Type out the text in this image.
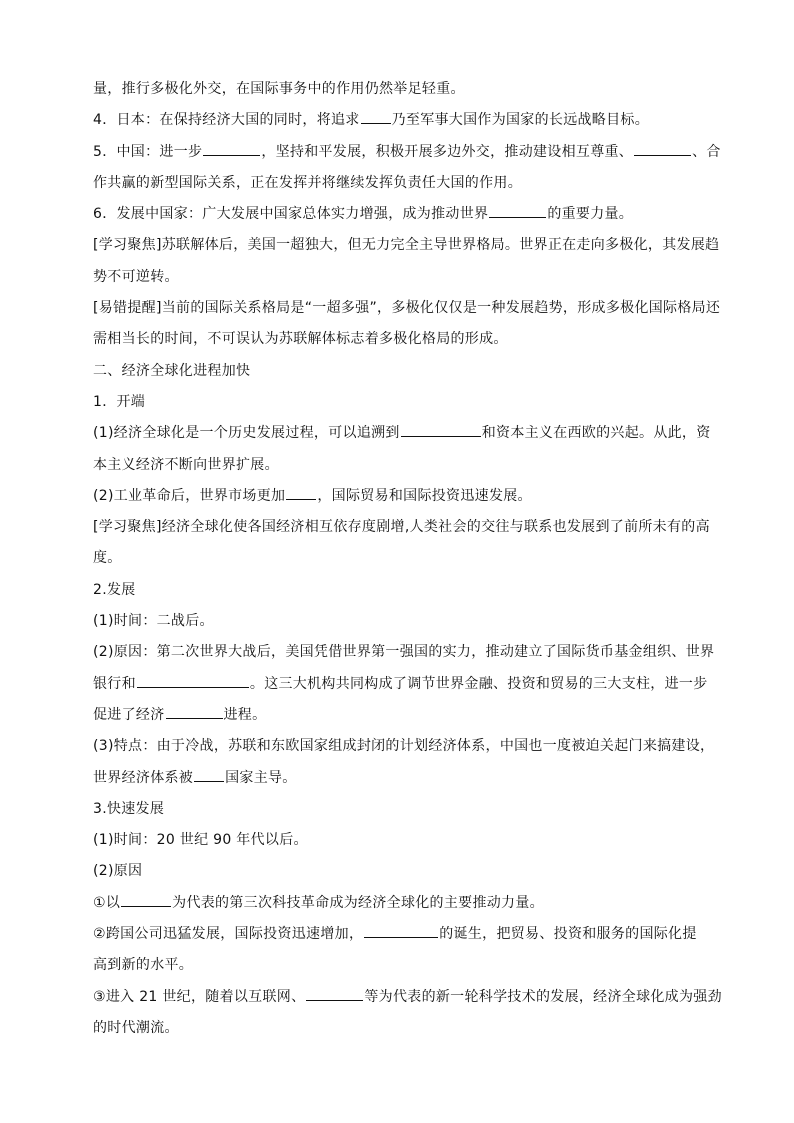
量，推行多极化外交，在国际事务中的作用仍然举足轻重。
4．日本：在保持经济大国的同时，将追求 乃至军事大国作为国家的长远战略目标。
5．中国：进一步	，坚持和平发展，积极开展多边外交，推动建设相互尊重、	、合
作共赢的新型国际关系，正在发挥并将继续发挥负责任大国的作用。
6．发展中国家：广大发展中国家总体实力增强，成为推动世界	的重要力量。
[学习聚焦]苏联解体后，美国一超独大，但无力完全主导世界格局。世界正在走向多极化，其发展趋
势不可逆转。
[易错提醒]当前的国际关系格局是“一超多强”，多极化仅仅是一种发展趋势，形成多极化国际格局还
需相当长的时间，不可误认为苏联解体标志着多极化格局的形成。
二、经济全球化进程加快
1．开端
(1)经济全球化是一个历史发展过程，可以追溯到	和资本主义在西欧的兴起。从此，资
本主义经济不断向世界扩展。
(2)工业革命后，世界市场更加 ，国际贸易和国际投资迅速发展。
[学习聚焦]经济全球化使各国经济相互依存度剧增,人类社会的交往与联系也发展到了前所未有的高
度。
2.发展
(1)时间：二战后。
(2)原因：第二次世界大战后，美国凭借世界第一强国的实力，推动建立了国际货币基金组织、世界
银行和	。这三大机构共同构成了调节世界金融、投资和贸易的三大支柱，进一步
促进了经济	进程。
(3)特点：由于冷战，苏联和东欧国家组成封闭的计划经济体系，中国也一度被迫关起门来搞建设，
世界经济体系被 国家主导。
3.快速发展
(1)时间：20 世纪 90 年代以后。
(2)原因
①以	为代表的第三次科技革命成为经济全球化的主要推动力量。
②跨国公司迅猛发展，国际投资迅速增加，	的诞生，把贸易、投资和服务的国际化提
高到新的水平。
③进入 21 世纪，随着以互联网、	等为代表的新一轮科学技术的发展，经济全球化成为强劲
的时代潮流。
